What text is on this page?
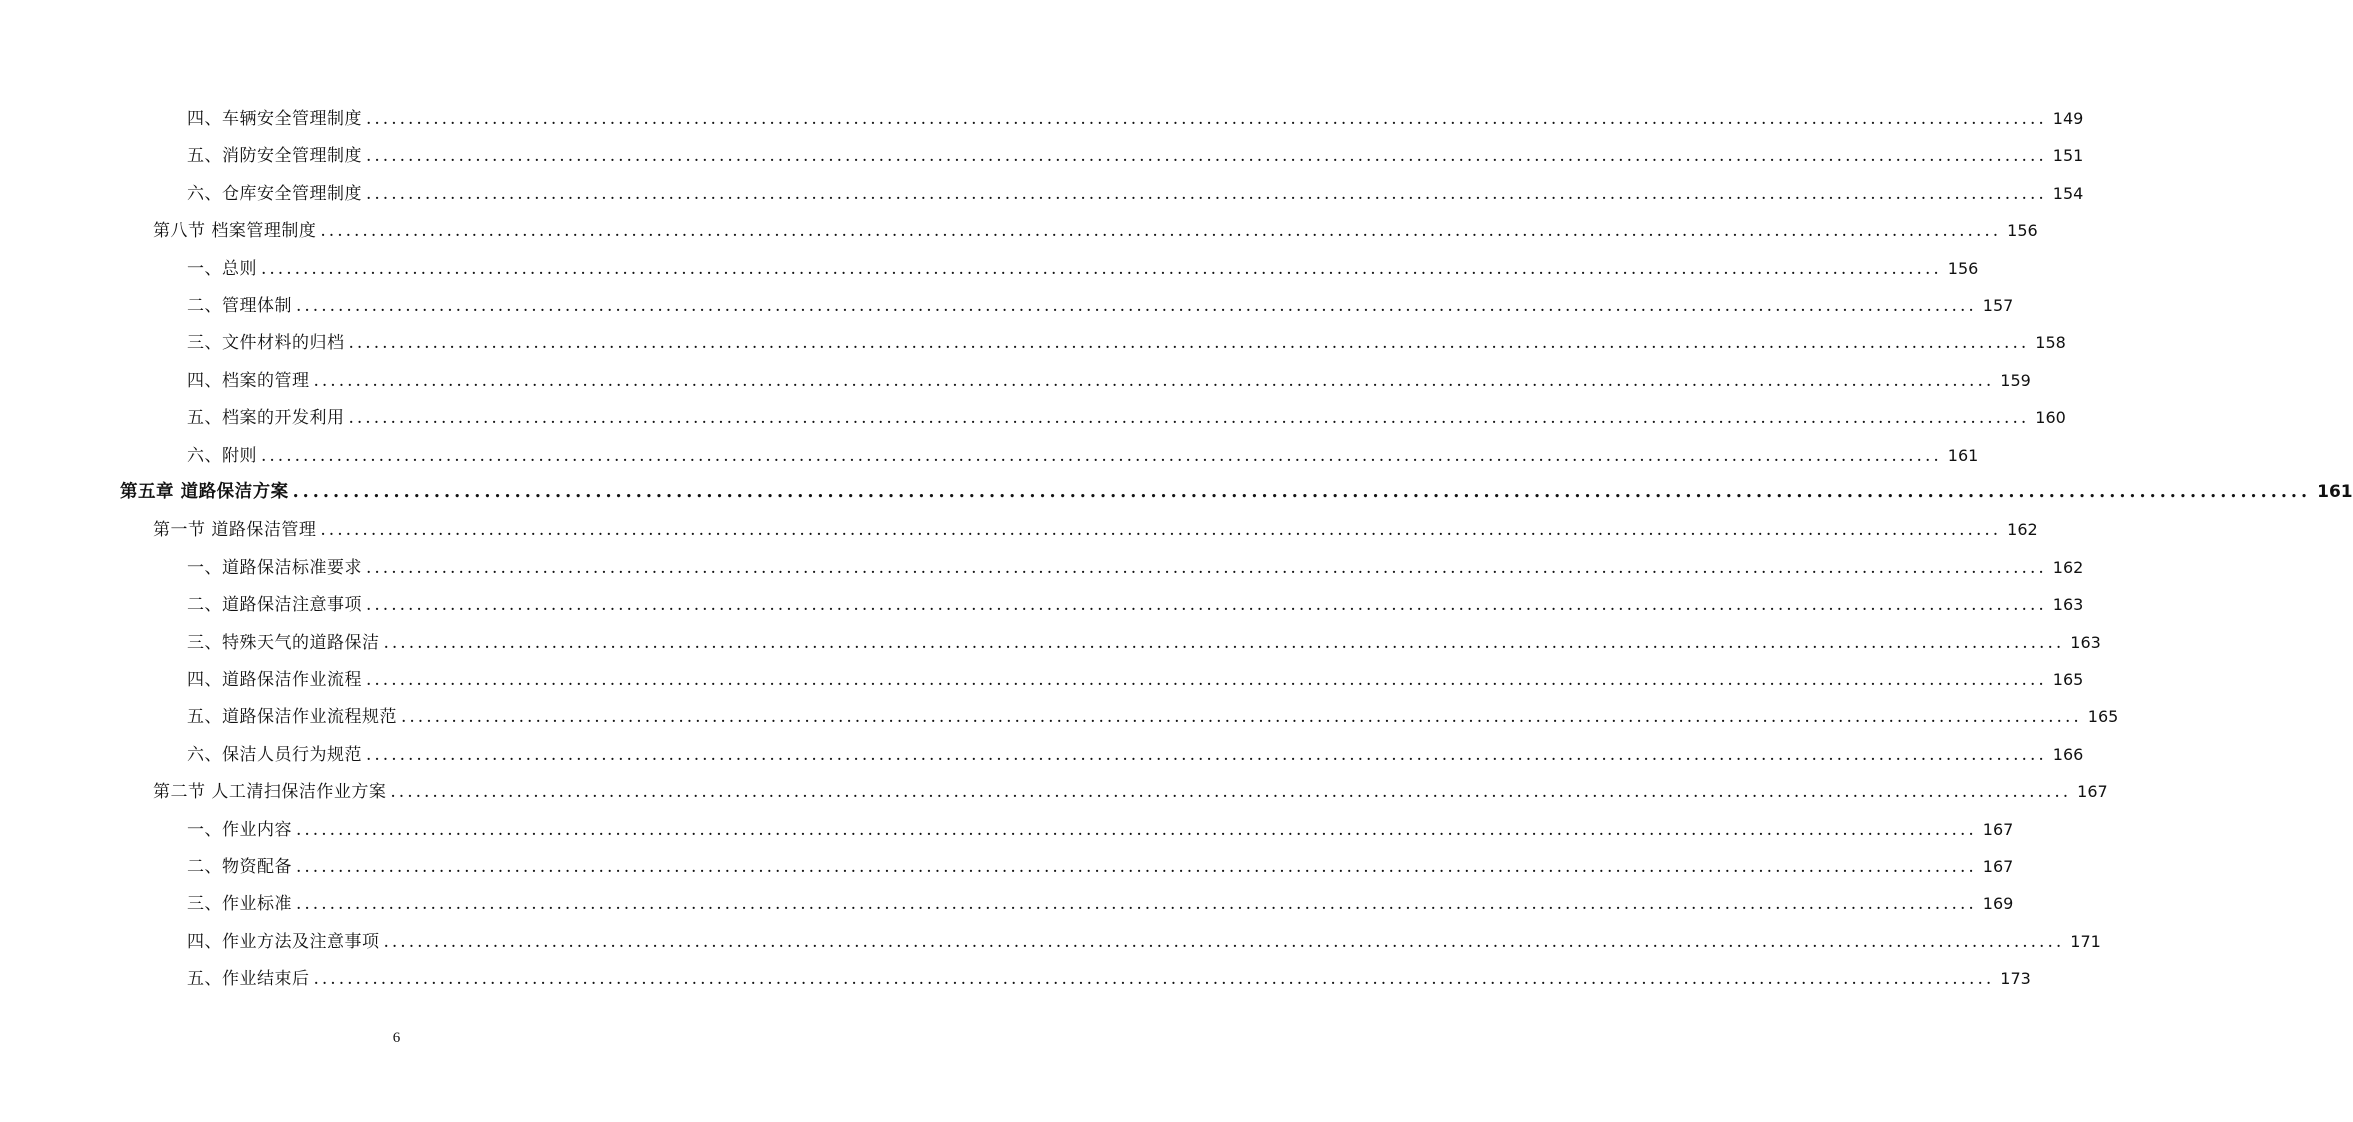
四、车辆安全管理制度 ........................................................................................................................................................................................................ 149
五、消防安全管理制度 ........................................................................................................................................................................................................ 151
六、仓库安全管理制度 ........................................................................................................................................................................................................ 154
第八节 档案管理制度 ........................................................................................................................................................................................................ 156
一、总则 ........................................................................................................................................................................................................ 156
二、管理体制 ........................................................................................................................................................................................................ 157
三、文件材料的归档 ........................................................................................................................................................................................................ 158
四、档案的管理 ........................................................................................................................................................................................................ 159
五、档案的开发利用 ........................................................................................................................................................................................................ 160
六、附则 ........................................................................................................................................................................................................ 161
第五章 道路保洁方案 ........................................................................................................................................................................................................ 161
第一节 道路保洁管理 ........................................................................................................................................................................................................ 162
一、道路保洁标准要求 ........................................................................................................................................................................................................ 162
二、道路保洁注意事项 ........................................................................................................................................................................................................ 163
三、特殊天气的道路保洁 ........................................................................................................................................................................................................ 163
四、道路保洁作业流程 ........................................................................................................................................................................................................ 165
五、道路保洁作业流程规范 ........................................................................................................................................................................................................ 165
六、保洁人员行为规范 ........................................................................................................................................................................................................ 166
第二节 人工清扫保洁作业方案 ........................................................................................................................................................................................................ 167
一、作业内容 ........................................................................................................................................................................................................ 167
二、物资配备 ........................................................................................................................................................................................................ 167
三、作业标准 ........................................................................................................................................................................................................ 169
四、作业方法及注意事项 ........................................................................................................................................................................................................ 171
五、作业结束后 ........................................................................................................................................................................................................ 173
6
